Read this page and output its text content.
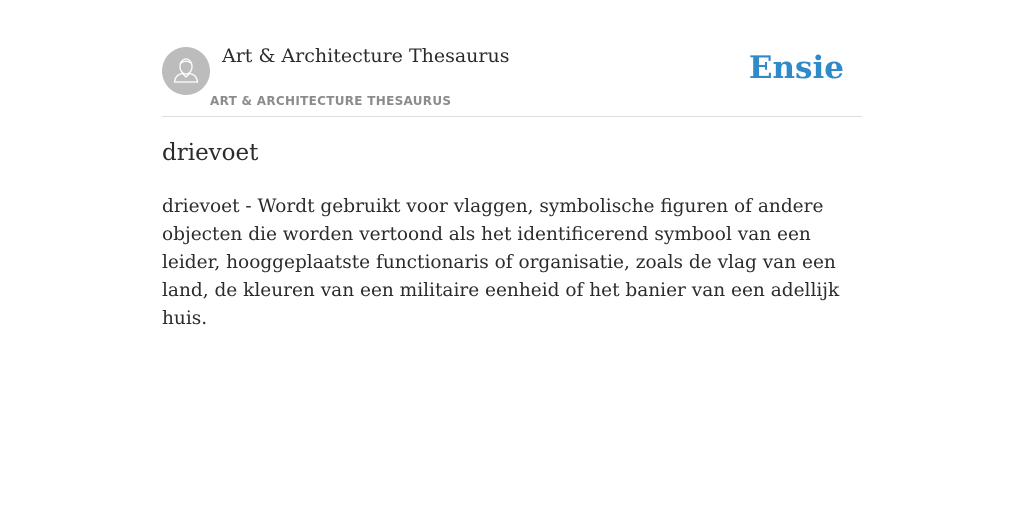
Art & Architecture Thesaurus
ART & ARCHITECTURE THESAURUS
Ensie
drievoet

drievoet - Wordt gebruikt voor vlaggen, symbolische figuren of andere objecten die worden vertoond als het identificerend symbool van een leider, hooggeplaatste functionaris of organisatie, zoals de vlag van een land, de kleuren van een militaire eenheid of het banier van een adellijk huis.
